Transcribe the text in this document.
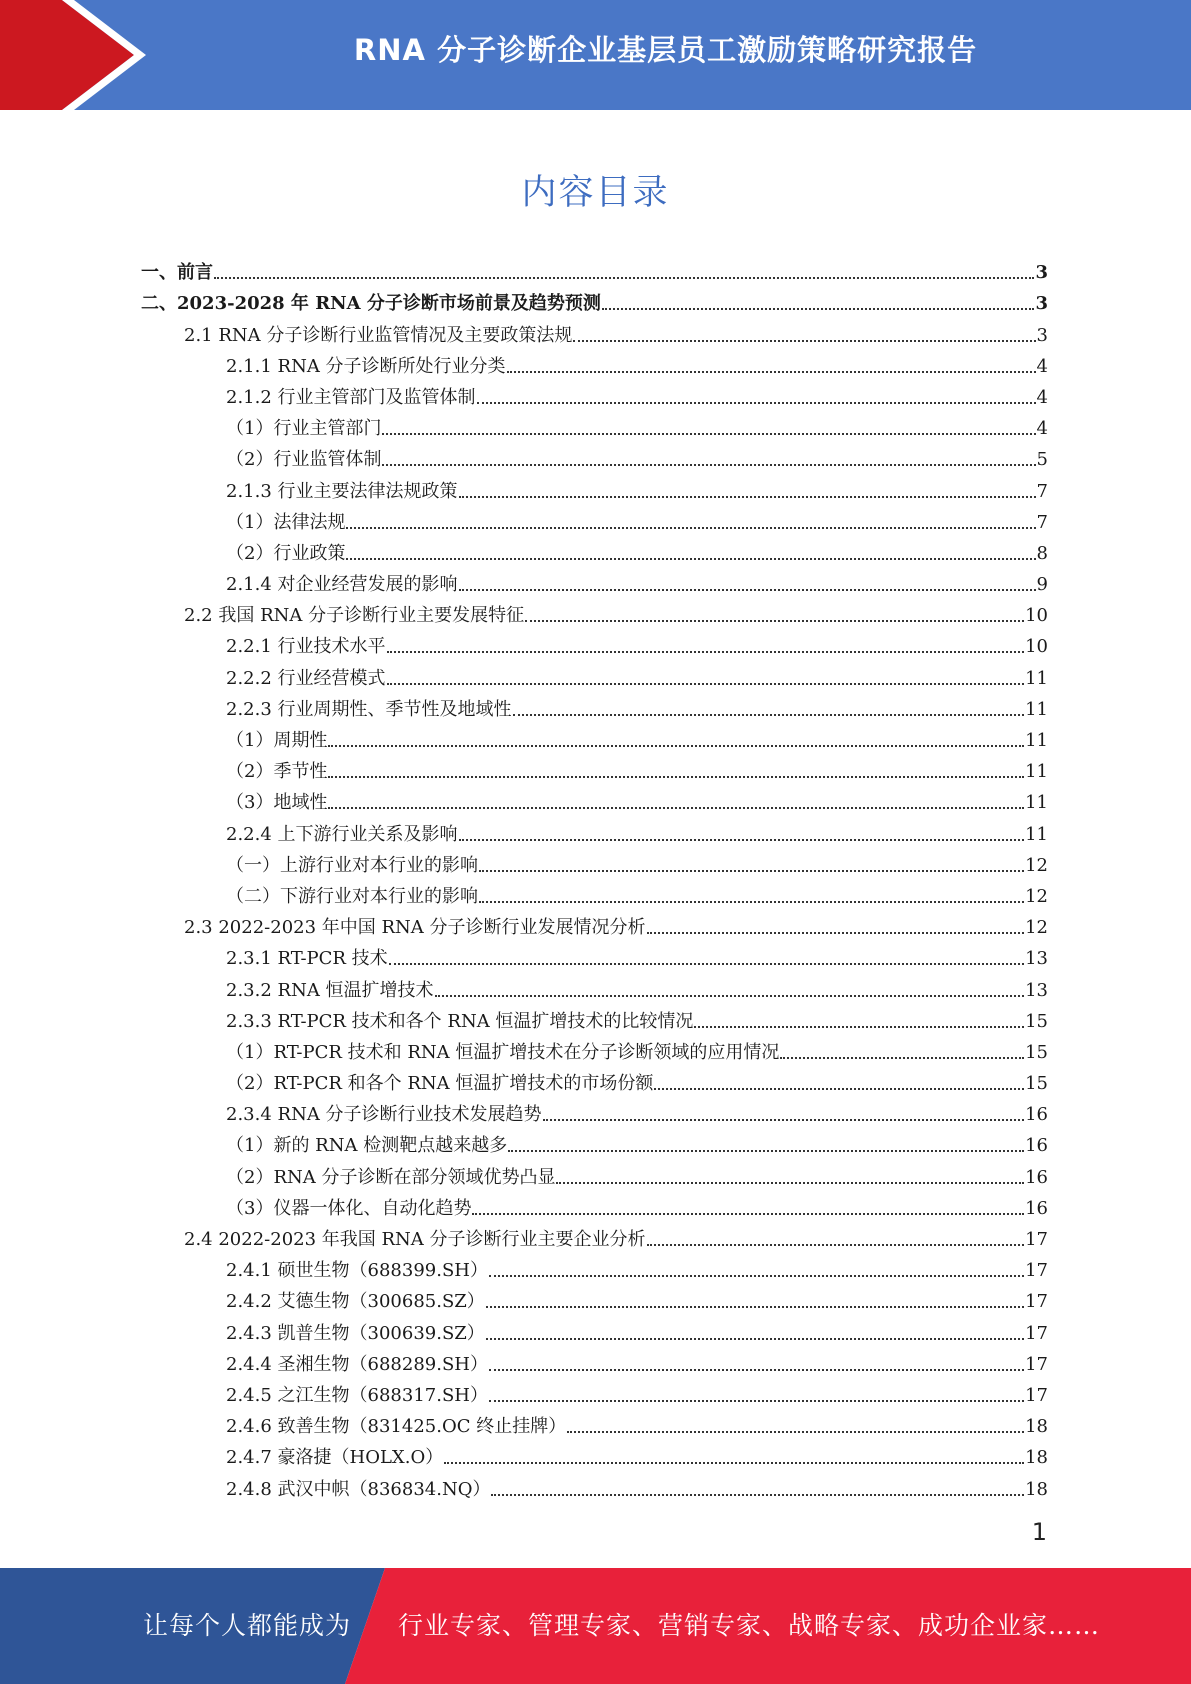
RNA 分子诊断企业基层员工激励策略研究报告
内容目录
一、前言	3
二、2023-2028 年 RNA 分子诊断市场前景及趋势预测	3
2.1 RNA 分子诊断行业监管情况及主要政策法规	3
2.1.1 RNA 分子诊断所处行业分类	4
2.1.2 行业主管部门及监管体制	4
（1）行业主管部门	4
（2）行业监管体制	5
2.1.3 行业主要法律法规政策	7
（1）法律法规	7
（2）行业政策	8
2.1.4 对企业经营发展的影响	9
2.2 我国 RNA 分子诊断行业主要发展特征	10
2.2.1 行业技术水平	10
2.2.2 行业经营模式	11
2.2.3 行业周期性、季节性及地域性	11
（1）周期性	11
（2）季节性	11
（3）地域性	11
2.2.4 上下游行业关系及影响	11
（一）上游行业对本行业的影响	12
（二）下游行业对本行业的影响	12
2.3 2022-2023 年中国 RNA 分子诊断行业发展情况分析	12
2.3.1 RT-PCR 技术	13
2.3.2 RNA 恒温扩增技术	13
2.3.3 RT-PCR 技术和各个 RNA 恒温扩增技术的比较情况	15
（1）RT-PCR 技术和 RNA 恒温扩增技术在分子诊断领域的应用情况	15
（2）RT-PCR 和各个 RNA 恒温扩增技术的市场份额	15
2.3.4 RNA 分子诊断行业技术发展趋势	16
（1）新的 RNA 检测靶点越来越多	16
（2）RNA 分子诊断在部分领域优势凸显	16
（3）仪器一体化、自动化趋势	16
2.4 2022-2023 年我国 RNA 分子诊断行业主要企业分析	17
2.4.1 硕世生物（688399.SH）	17
2.4.2 艾德生物（300685.SZ）	17
2.4.3 凯普生物（300639.SZ）	17
2.4.4 圣湘生物（688289.SH）	17
2.4.5 之江生物（688317.SH）	17
2.4.6 致善生物（831425.OC 终止挂牌）	18
2.4.7 豪洛捷（HOLX.O）	18
2.4.8 武汉中帜（836834.NQ）	18
1
让每个人都能成为 行业专家、管理专家、营销专家、战略专家、成功企业家……
